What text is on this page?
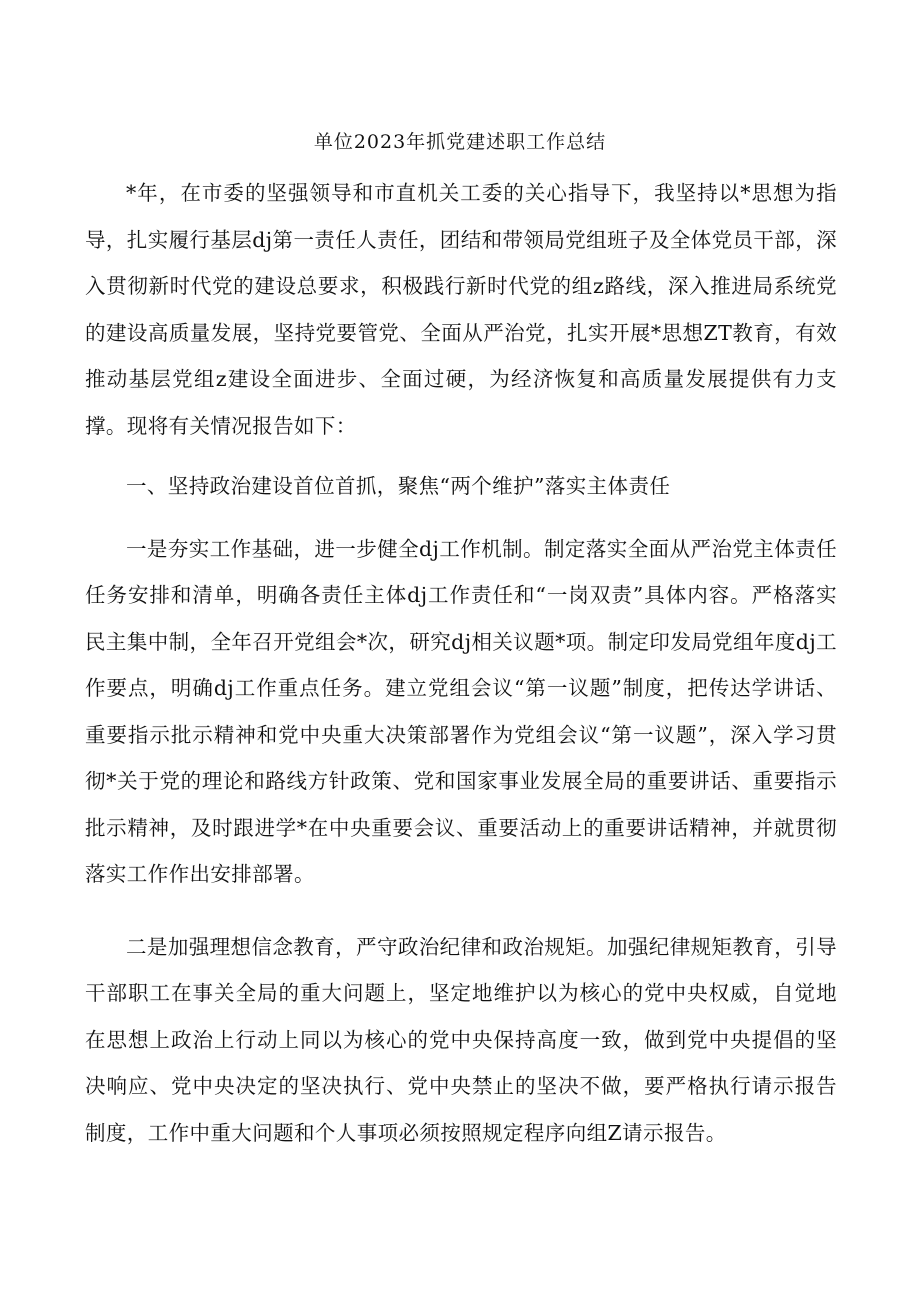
单位2023年抓党建述职工作总结

*年，在市委的坚强领导和市直机关工委的关心指导下，我坚持以*思想为指导，扎实履行基层dj第一责任人责任，团结和带领局党组班子及全体党员干部，深入贯彻新时代党的建设总要求，积极践行新时代党的组z路线，深入推进局系统党的建设高质量发展，坚持党要管党、全面从严治党，扎实开展*思想ZT教育，有效推动基层党组z建设全面进步、全面过硬，为经济恢复和高质量发展提供有力支撑。现将有关情况报告如下：

一、坚持政治建设首位首抓，聚焦“两个维护”落实主体责任

一是夯实工作基础，进一步健全dj工作机制。制定落实全面从严治党主体责任任务安排和清单，明确各责任主体dj工作责任和“一岗双责”具体内容。严格落实民主集中制，全年召开党组会*次，研究dj相关议题*项。制定印发局党组年度dj工作要点，明确dj工作重点任务。建立党组会议“第一议题”制度，把传达学讲话、重要指示批示精神和党中央重大决策部署作为党组会议“第一议题”，深入学习贯彻*关于党的理论和路线方针政策、党和国家事业发展全局的重要讲话、重要指示批示精神，及时跟进学*在中央重要会议、重要活动上的重要讲话精神，并就贯彻落实工作作出安排部署。

二是加强理想信念教育，严守政治纪律和政治规矩。加强纪律规矩教育，引导干部职工在事关全局的重大问题上，坚定地维护以为核心的党中央权威，自觉地在思想上政治上行动上同以为核心的党中央保持高度一致，做到党中央提倡的坚决响应、党中央决定的坚决执行、党中央禁止的坚决不做，要严格执行请示报告制度，工作中重大问题和个人事项必须按照规定程序向组Z请示报告。
